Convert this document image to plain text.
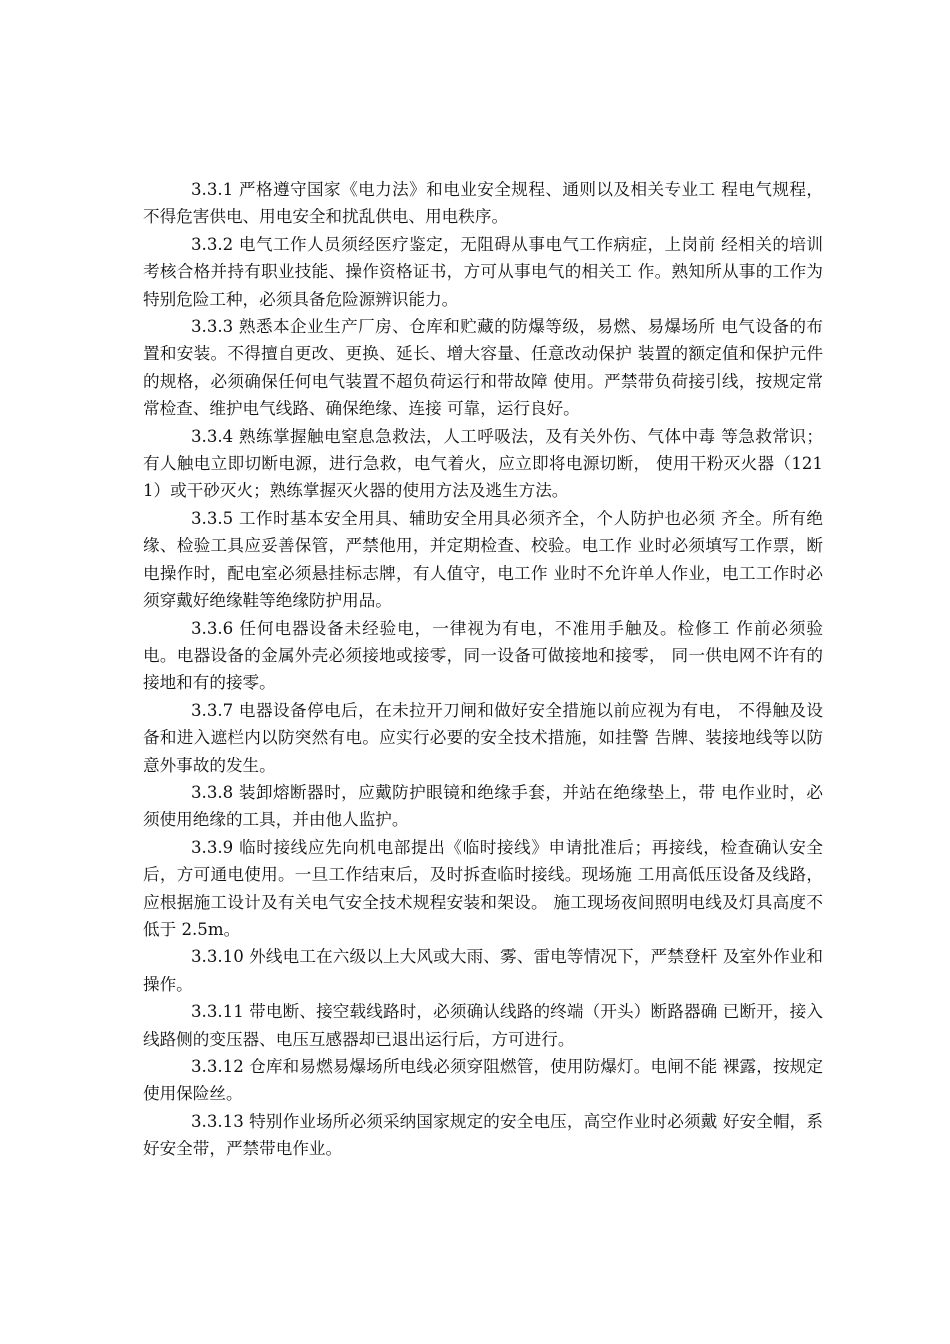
3.3.1 严格遵守国家《电力法》和电业安全规程、通则以及相关专业工 程电气规程，不得危害供电、用电安全和扰乱供电、用电秩序。

3.3.2 电气工作人员须经医疗鉴定，无阻碍从事电气工作病症，上岗前 经相关的培训考核合格并持有职业技能、操作资格证书，方可从事电气的相关工 作。熟知所从事的工作为特别危险工种，必须具备危险源辨识能力。

3.3.3 熟悉本企业生产厂房、仓库和贮藏的防爆等级，易燃、易爆场所 电气设备的布置和安装。不得擅自更改、更换、延长、增大容量、任意改动保护 装置的额定值和保护元件的规格，必须确保任何电气装置不超负荷运行和带故障 使用。严禁带负荷接引线，按规定常常检查、维护电气线路、确保绝缘、连接 可靠，运行良好。

3.3.4 熟练掌握触电窒息急救法，人工呼吸法，及有关外伤、气体中毒 等急救常识；有人触电立即切断电源，进行急救，电气着火，应立即将电源切断， 使用干粉灭火器（1211）或干砂灭火；熟练掌握灭火器的使用方法及逃生方法。

3.3.5 工作时基本安全用具、辅助安全用具必须齐全，个人防护也必须 齐全。所有绝缘、检验工具应妥善保管，严禁他用，并定期检查、校验。电工作 业时必须填写工作票，断电操作时，配电室必须悬挂标志牌，有人值守，电工作 业时不允许单人作业，电工工作时必须穿戴好绝缘鞋等绝缘防护用品。

3.3.6 任何电器设备未经验电，一律视为有电，不准用手触及。检修工 作前必须验电。电器设备的金属外壳必须接地或接零，同一设备可做接地和接零， 同一供电网不许有的接地和有的接零。

3.3.7 电器设备停电后，在未拉开刀闸和做好安全措施以前应视为有电， 不得触及设备和进入遮栏内以防突然有电。应实行必要的安全技术措施，如挂警 告牌、装接地线等以防意外事故的发生。

3.3.8 装卸熔断器时，应戴防护眼镜和绝缘手套，并站在绝缘垫上，带 电作业时，必须使用绝缘的工具，并由他人监护。

3.3.9 临时接线应先向机电部提出《临时接线》申请批准后；再接线，检查确认安全后，方可通电使用。一旦工作结束后，及时拆查临时接线。现场施 工用高低压设备及线路，应根据施工设计及有关电气安全技术规程安装和架设。 施工现场夜间照明电线及灯具高度不低于 2.5m。

3.3.10 外线电工在六级以上大风或大雨、雾、雷电等情况下，严禁登杆 及室外作业和操作。

3.3.11 带电断、接空载线路时，必须确认线路的终端（开头）断路器确 已断开，接入线路侧的变压器、电压互感器却已退出运行后，方可进行。

3.3.12 仓库和易燃易爆场所电线必须穿阻燃管，使用防爆灯。电闸不能 裸露，按规定使用保险丝。

3.3.13 特别作业场所必须采纳国家规定的安全电压，高空作业时必须戴 好安全帽，系好安全带，严禁带电作业。
